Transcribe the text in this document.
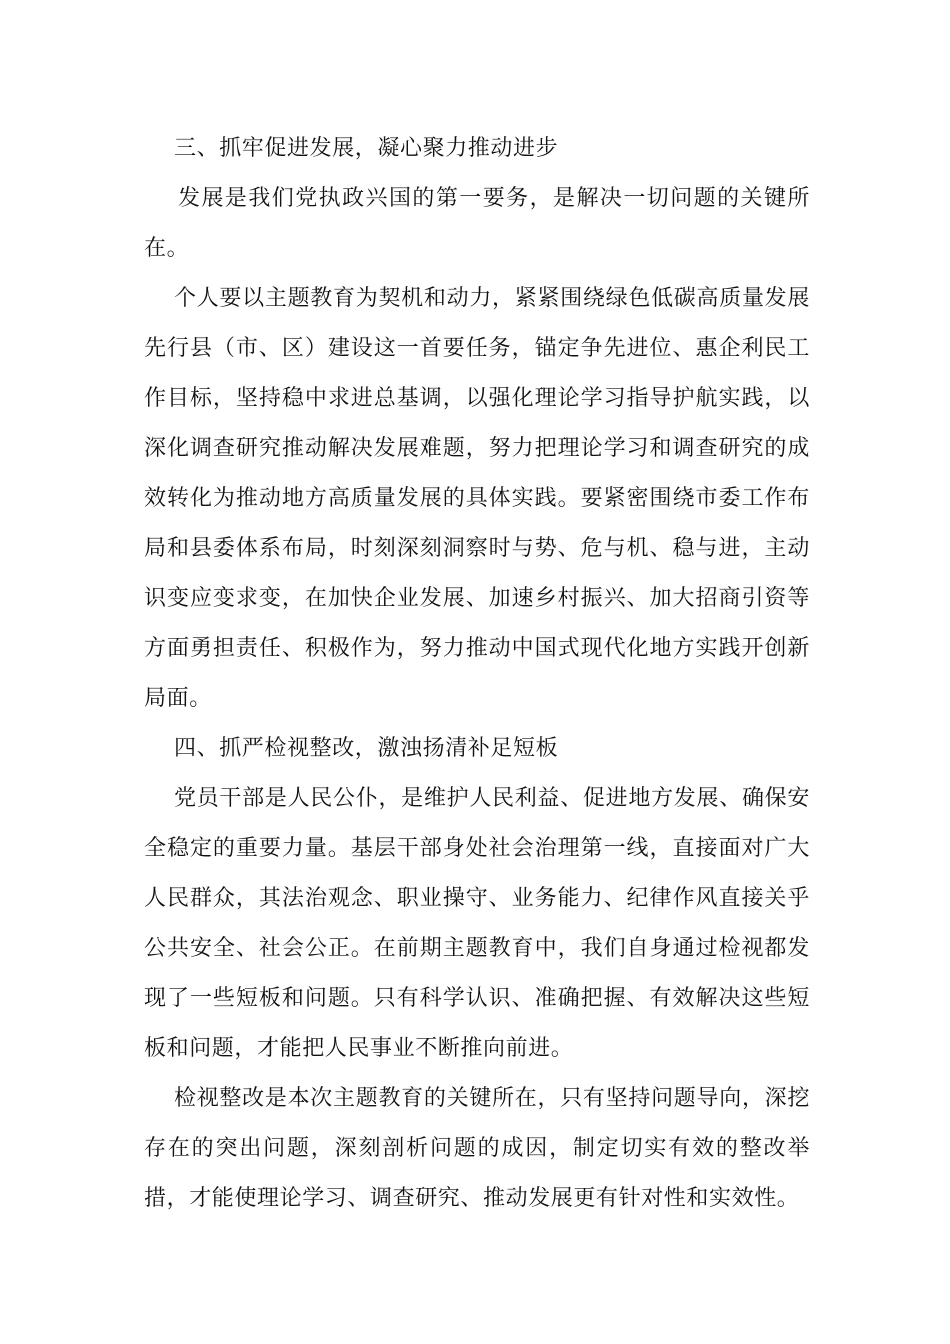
三、抓牢促进发展，凝心聚力推动进步

发展是我们党执政兴国的第一要务，是解决一切问题的关键所在。

个人要以主题教育为契机和动力，紧紧围绕绿色低碳高质量发展先行县（市、区）建设这一首要任务，锚定争先进位、惠企利民工作目标，坚持稳中求进总基调，以强化理论学习指导护航实践，以深化调查研究推动解决发展难题，努力把理论学习和调查研究的成效转化为推动地方高质量发展的具体实践。要紧密围绕市委工作布局和县委体系布局，时刻深刻洞察时与势、危与机、稳与进，主动识变应变求变，在加快企业发展、加速乡村振兴、加大招商引资等方面勇担责任、积极作为，努力推动中国式现代化地方实践开创新局面。

四、抓严检视整改，激浊扬清补足短板

党员干部是人民公仆，是维护人民利益、促进地方发展、确保安全稳定的重要力量。基层干部身处社会治理第一线，直接面对广大人民群众，其法治观念、职业操守、业务能力、纪律作风直接关乎公共安全、社会公正。在前期主题教育中，我们自身通过检视都发现了一些短板和问题。只有科学认识、准确把握、有效解决这些短板和问题，才能把人民事业不断推向前进。

检视整改是本次主题教育的关键所在，只有坚持问题导向，深挖存在的突出问题，深刻剖析问题的成因，制定切实有效的整改举措，才能使理论学习、调查研究、推动发展更有针对性和实效性。
